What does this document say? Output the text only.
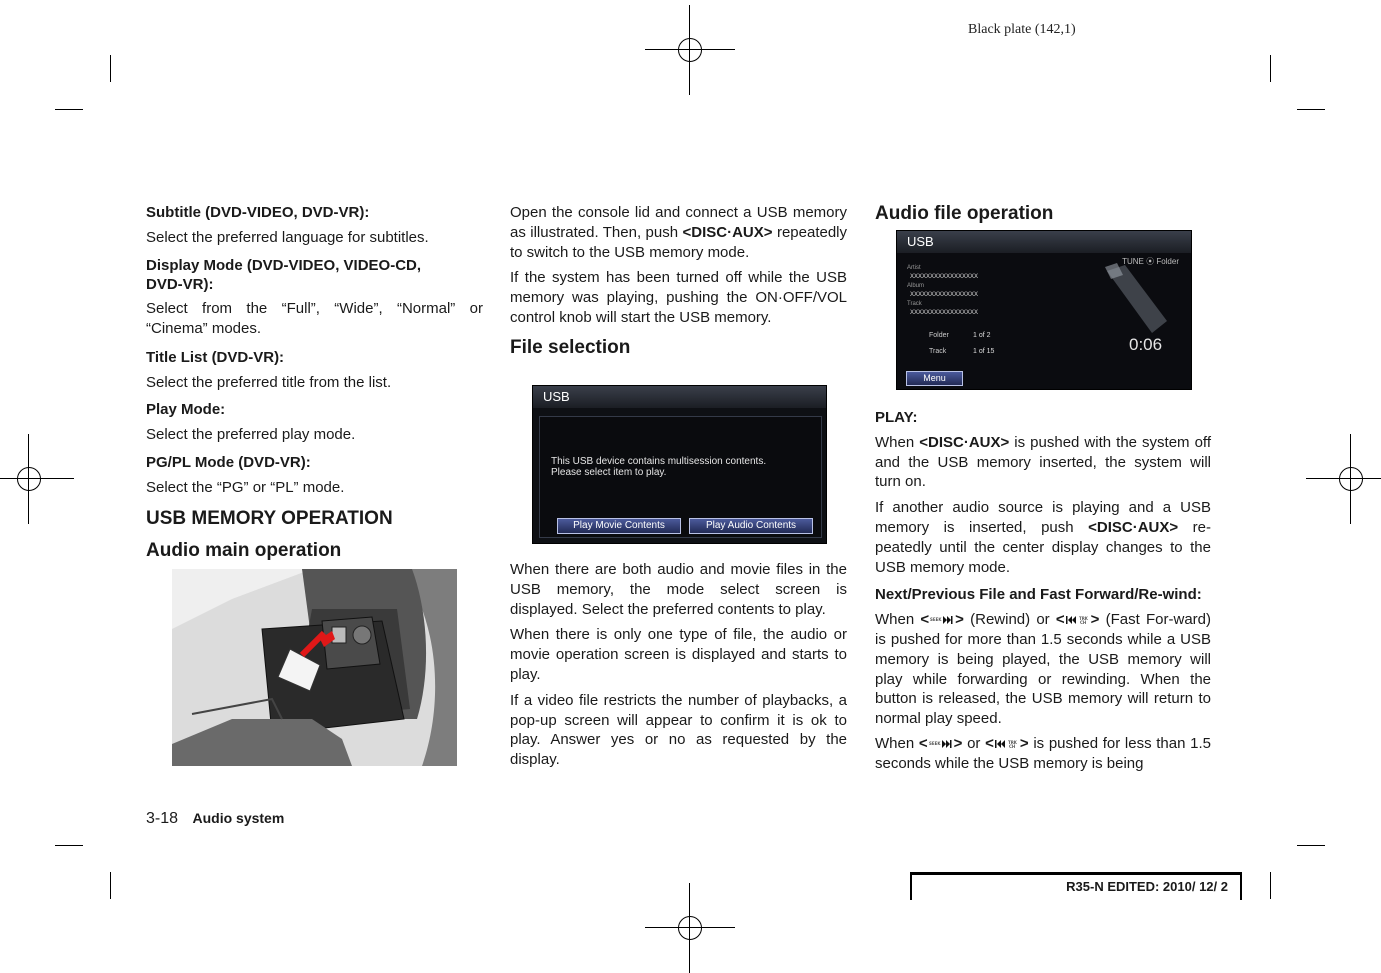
Black plate (142,1)
Subtitle (DVD-VIDEO, DVD-VR):

Select the preferred language for subtitles.

Display Mode (DVD-VIDEO, VIDEO-CD,
DVD-VR):

Select from the “Full”, “Wide”, “Normal” or

“Cinema” modes.

Title List (DVD-VR):

Select the preferred title from the list.

Play Mode:

Select the preferred play mode.

PG/PL Mode (DVD-VR):

Select the “PG” or “PL” mode.

USB MEMORY OPERATION
Audio main operation

Open the console lid and connect a USB memory as illustrated. Then, push <DISC·AUX> repeatedly to switch to the USB memory mode.

If the system has been turned off while the USB memory was playing, pushing the ON·OFF/VOL control knob will start the USB memory.

File selection
USB
This USB device contains multisession contents.
Please select item to play.
Play Movie Contents	Play Audio Contents

When there are both audio and movie files in the USB memory, the mode select screen is displayed. Select the preferred contents to play.

When there is only one type of file, the audio or movie operation screen is displayed and starts to play.

If a video file restricts the number of playbacks, a pop-up screen will appear to confirm it is ok to play. Answer yes or no as requested by the display.

Audio file operation
USB
TUNE ⦿ Folder
Artist
XXXXXXXXXXXXXXXXX
Album
XXXXXXXXXXXXXXXXX
Track
XXXXXXXXXXXXXXXXX
Folder	1 of 2
Track	1 of 15	0:06
Menu
PLAY:

When <DISC·AUX> is pushed with the system off and the USB memory inserted, the system will turn on.

If another audio source is playing and a USB memory is inserted, push <DISC·AUX> re-peatedly until the center display changes to the USB memory mode.

Next/Previous File and Fast Forward/Re-wind:

When < SEEK > (Rewind) or <	TRK
CH > (Fast For-ward) is pushed for more than 1.5 seconds while a USB memory is being played, the USB memory will play while forwarding or rewinding. When the button is released, the USB memory will return to normal play speed.

When < SEEK > or <	TRK
CH > is pushed for less than 1.5 seconds while the USB memory is being

3-18 Audio system
R35-N EDITED: 2010/ 12/ 2
